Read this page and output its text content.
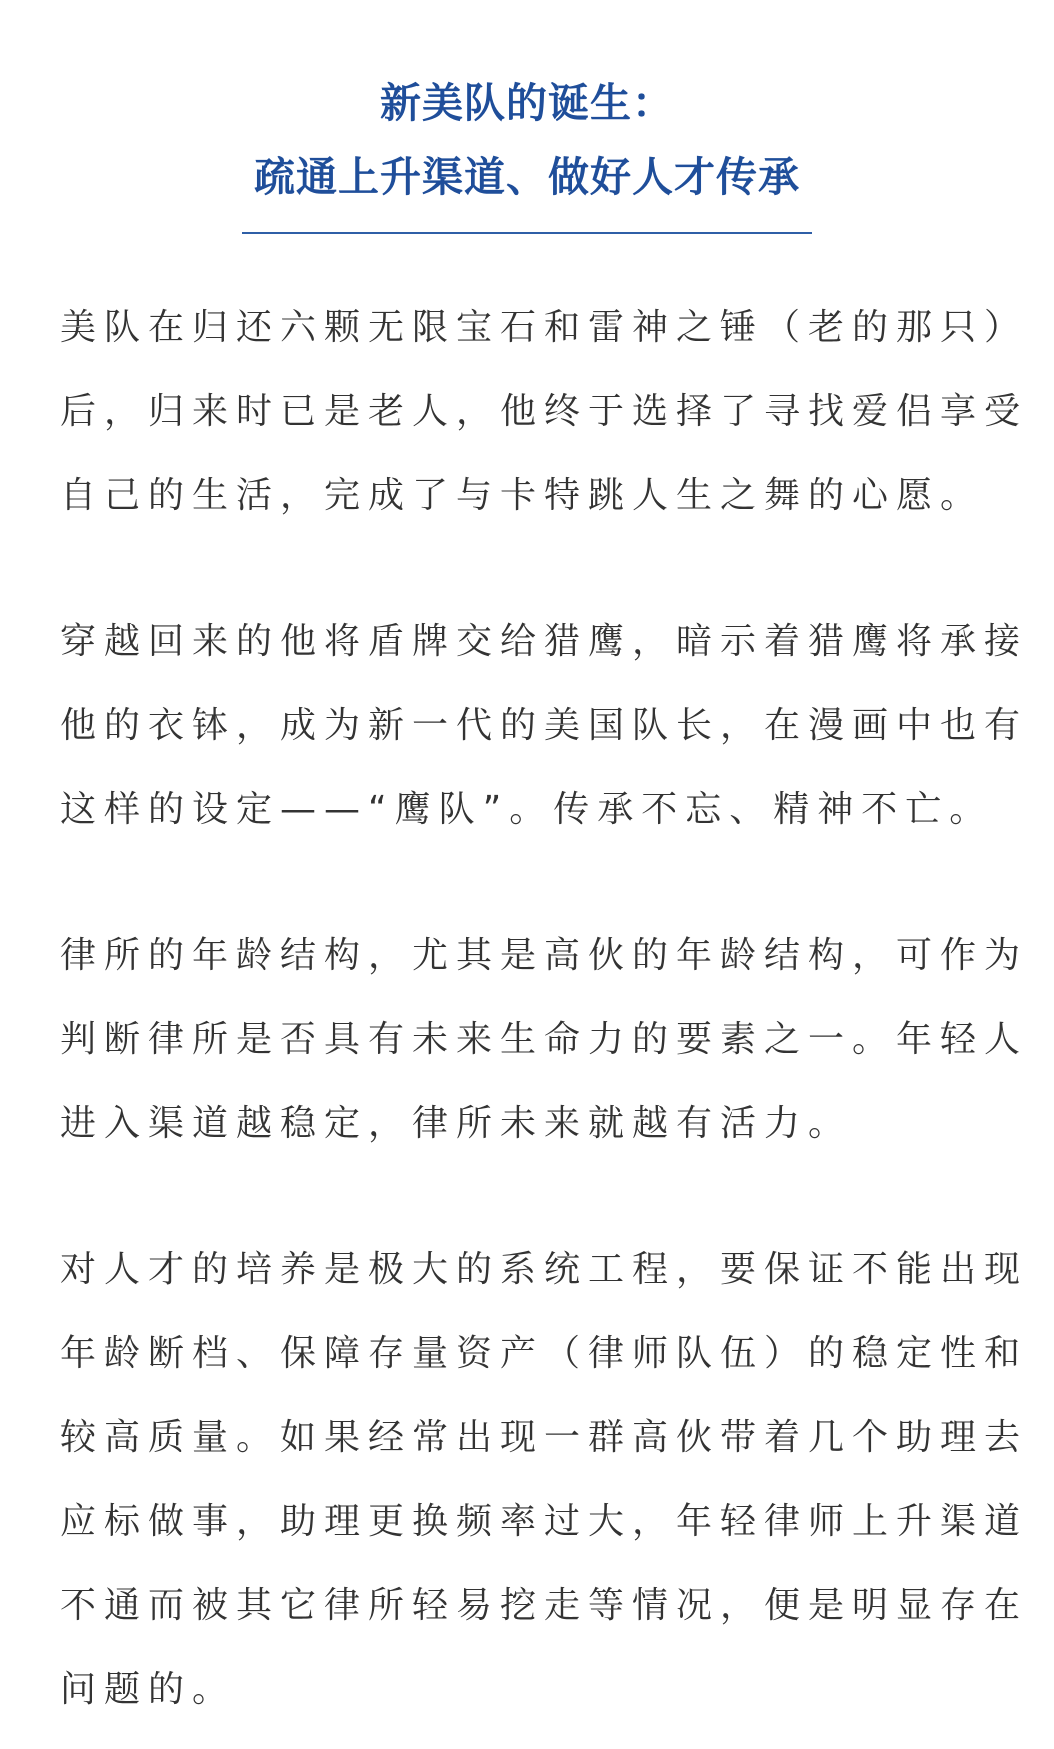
新美队的诞生：
疏通上升渠道、做好人才传承
美队在归还六颗无限宝石和雷神之锤（老的那只）
后，归来时已是老人，他终于选择了寻找爱侣享受
自己的生活，完成了与卡特跳人生之舞的心愿。
穿越回来的他将盾牌交给猎鹰，暗示着猎鹰将承接
他的衣钵，成为新一代的美国队长，在漫画中也有
这样的设定——“鹰队”。传承不忘、精神不亡。
律所的年龄结构，尤其是高伙的年龄结构，可作为
判断律所是否具有未来生命力的要素之一。年轻人
进入渠道越稳定，律所未来就越有活力。
对人才的培养是极大的系统工程，要保证不能出现
年龄断档、保障存量资产（律师队伍）的稳定性和
较高质量。如果经常出现一群高伙带着几个助理去
应标做事，助理更换频率过大，年轻律师上升渠道
不通而被其它律所轻易挖走等情况，便是明显存在
问题的。
